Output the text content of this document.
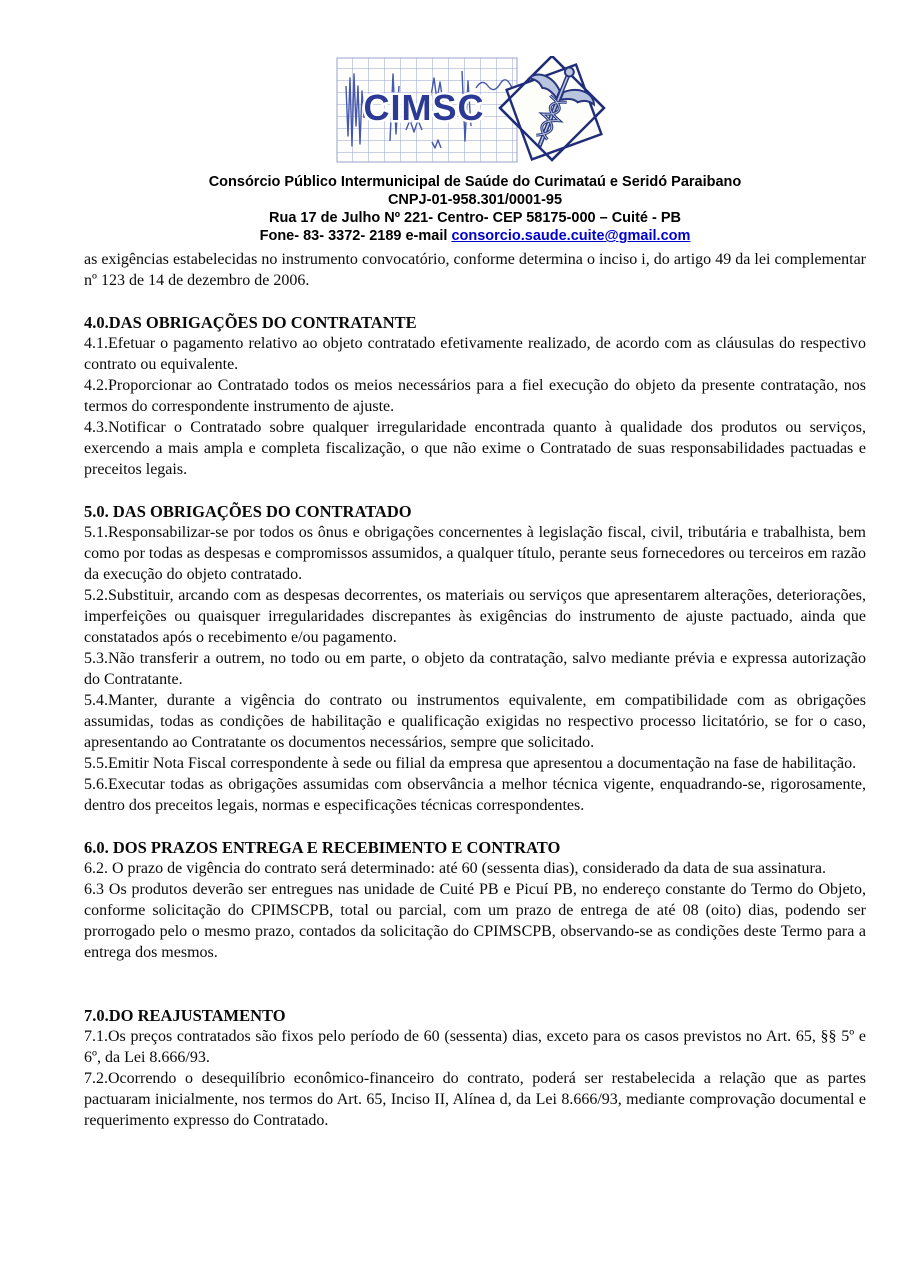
CIMSC
Consórcio Público Intermunicipal de Saúde do Curimataú e Seridó Paraibano
CNPJ-01-958.301/0001-95
Rua 17 de Julho Nº 221- Centro- CEP 58175-000 – Cuité - PB
Fone- 83- 3372- 2189 e-mail consorcio.saude.cuite@gmail.com

as exigências estabelecidas no instrumento convocatório, conforme determina o inciso i, do artigo 49 da lei complementar nº 123 de 14 de dezembro de 2006.

4.0.DAS OBRIGAÇÕES DO CONTRATANTE

4.1.Efetuar o pagamento relativo ao objeto contratado efetivamente realizado, de acordo com as cláusulas do respectivo contrato ou equivalente.

4.2.Proporcionar ao Contratado todos os meios necessários para a fiel execução do objeto da presente contratação, nos termos do correspondente instrumento de ajuste.

4.3.Notificar o Contratado sobre qualquer irregularidade encontrada quanto à qualidade dos produtos ou serviços, exercendo a mais ampla e completa fiscalização, o que não exime o Contratado de suas responsabilidades pactuadas e preceitos legais.

5.0. DAS OBRIGAÇÕES DO CONTRATADO

5.1.Responsabilizar-se por todos os ônus e obrigações concernentes à legislação fiscal, civil, tributária e trabalhista, bem como por todas as despesas e compromissos assumidos, a qualquer título, perante seus fornecedores ou terceiros em razão da execução do objeto contratado.

5.2.Substituir, arcando com as despesas decorrentes, os materiais ou serviços que apresentarem alterações, deteriorações, imperfeições ou quaisquer irregularidades discrepantes às exigências do instrumento de ajuste pactuado, ainda que constatados após o recebimento e/ou pagamento.

5.3.Não transferir a outrem, no todo ou em parte, o objeto da contratação, salvo mediante prévia e expressa autorização do Contratante.

5.4.Manter, durante a vigência do contrato ou instrumentos equivalente, em compatibilidade com as obrigações assumidas, todas as condições de habilitação e qualificação exigidas no respectivo processo licitatório, se for o caso, apresentando ao Contratante os documentos necessários, sempre que solicitado.

5.5.Emitir Nota Fiscal correspondente à sede ou filial da empresa que apresentou a documentação na fase de habilitação.

5.6.Executar todas as obrigações assumidas com observância a melhor técnica vigente, enquadrando-se, rigorosamente, dentro dos preceitos legais, normas e especificações técnicas correspondentes.

6.0. DOS PRAZOS ENTREGA E RECEBIMENTO E CONTRATO

6.2. O prazo de vigência do contrato será determinado: até 60 (sessenta dias), considerado da data de sua assinatura.

6.3 Os produtos deverão ser entregues nas unidade de Cuité PB e Picuí PB, no endereço constante do Termo do Objeto, conforme solicitação do CPIMSCPB, total ou parcial, com um prazo de entrega de até 08 (oito) dias, podendo ser prorrogado pelo o mesmo prazo, contados da solicitação do CPIMSCPB, observando-se as condições deste Termo para a entrega dos mesmos.

7.0.DO REAJUSTAMENTO

7.1.Os preços contratados são fixos pelo período de 60 (sessenta) dias, exceto para os casos previstos no Art. 65, §§ 5º e 6º, da Lei 8.666/93.

7.2.Ocorrendo o desequilíbrio econômico-financeiro do contrato, poderá ser restabelecida a relação que as partes pactuaram inicialmente, nos termos do Art. 65, Inciso II, Alínea d, da Lei 8.666/93, mediante comprovação documental e requerimento expresso do Contratado.
